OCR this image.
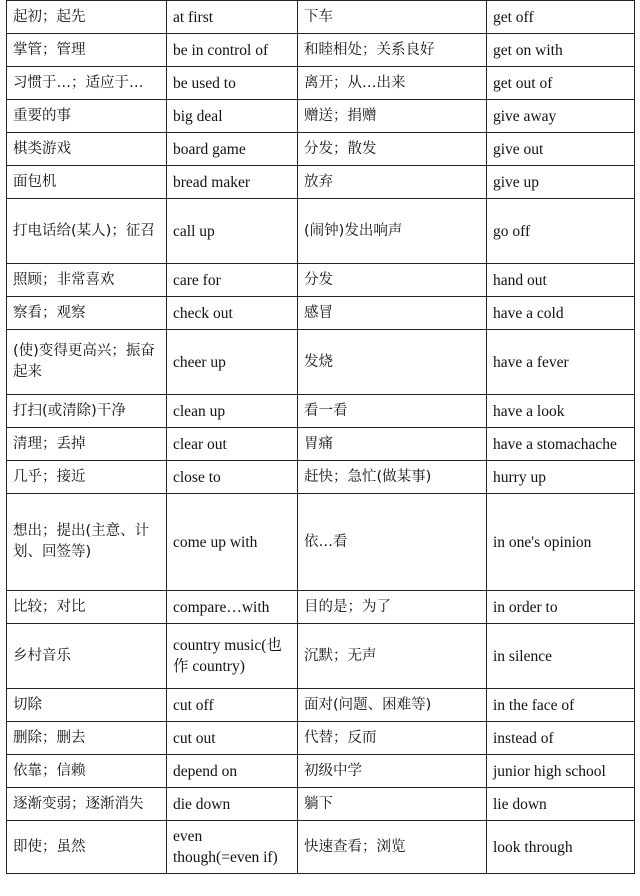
起初；起先	at first	下车	get off
掌管；管理	be in control of	和睦相处；关系良好	get on with
习惯于…；适应于…	be used to	离开；从…出来	get out of
重要的事	big deal	赠送；捐赠	give away
棋类游戏	board game	分发；散发	give out
面包机	bread maker	放弃	give up
打电话给(某人)；征召	call up	(闹钟)发出响声	go off
照顾；非常喜欢	care for	分发	hand out
察看；观察	check out	感冒	have a cold
(使)变得更高兴；振奋起来	cheer up	发烧	have a fever
打扫(或清除)干净	clean up	看一看	have a look
清理；丢掉	clear out	胃痛	have a stomachache
几乎；接近	close to	赶快；急忙(做某事)	hurry up
想出；提出(主意、计划、回签等)	come up with	依…看	in one's opinion
比较；对比	compare…with	目的是；为了	in order to
乡村音乐	country music(也作 country)	沉默；无声	in silence
切除	cut off	面对(问题、困难等)	in the face of
删除；删去	cut out	代替；反而	instead of
依靠；信赖	depend on	初级中学	junior high school
逐渐变弱；逐渐消失	die down	躺下	lie down
即使；虽然	even though(=even if)	快速查看；浏览	look through
